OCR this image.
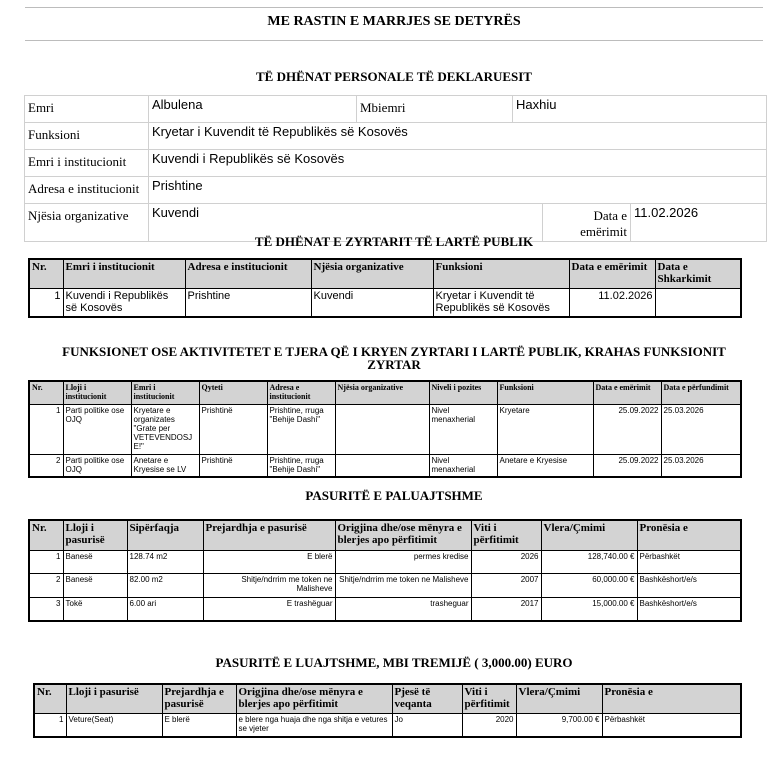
ME RASTIN E MARRJES SE DETYRËS
TË DHËNAT PERSONALE TË DEKLARUESIT
Emri	Albulena	Mbiemri	Haxhiu		
Funksioni	Kryetar i Kuvendit të Republikës së Kosovës				
Emri i institucionit	Kuvendi i Republikës së Kosovës				
Adresa e institucionit	Prishtine				
Njësia organizative	Kuvendi			Data e emërimit	11.02.2026
TË DHËNAT E ZYRTARIT TË LARTË PUBLIK
Nr.	Emri i institucionit	Adresa e institucionit	Njësia organizative	Funksioni	Data e emërimit	Data e Shkarkimit
1	Kuvendi i Republikës së Kosovës	Prishtine	Kuvendi	Kryetar i Kuvendit të Republikës së Kosovës	11.02.2026	
FUNKSIONET OSE AKTIVITETET E TJERA QË I KRYEN ZYRTARI I LARTË PUBLIK, KRAHAS FUNKSIONIT ZYRTAR
Nr.	Lloji i institucionit	Emri i institucionit	Qyteti	Adresa e institucionit	Njësia organizative	Niveli i pozites	Funksioni	Data e emërimit	Data e përfundimit
1	Parti politike ose OJQ	Kryetare e organizates "Grate per VETEVENDOSJ E!"	Prishtinë	Prishtine, rruga "Behije Dashi"		Nivel menaxherial	Kryetare	25.09.2022	25.03.2026
2	Parti politike ose OJQ	Anetare e Kryesise se LV	Prishtinë	Prishtine, rruga "Behije Dashi"		Nivel menaxherial	Anetare e Kryesise	25.09.2022	25.03.2026
PASURITË E PALUAJTSHME
Nr.	Lloji i pasurisë	Sipërfaqja	Prejardhja e pasurisë	Origjina dhe/ose mënyra e blerjes apo përfitimit	Viti i përfitimit	Vlera/Çmimi	Pronësia e
1	Banesë	128.74 m2	E blerë	permes kredise	2026	128,740.00 €	Përbashkët
2	Banesë	82.00 m2	Shitje/ndrrim me token ne Malisheve	Shitje/ndrrim me token ne Malisheve	2007	60,000.00 €	Bashkëshort/e/s
3	Tokë	6.00 ari	E trashëguar	trasheguar	2017	15,000.00 €	Bashkëshort/e/s
PASURITË E LUAJTSHME, MBI TREMIJË ( 3,000.00) EURO
Nr.	Lloji i pasurisë	Prejardhja e pasurisë	Origjina dhe/ose mënyra e blerjes apo përfitimit	Pjesë të veqanta	Viti i përfitimit	Vlera/Çmimi	Pronësia e
1	Veture(Seat)	E blerë	e blere nga huaja dhe nga shitja e vetures se vjeter	Jo	2020	9,700.00 €	Përbashkët
